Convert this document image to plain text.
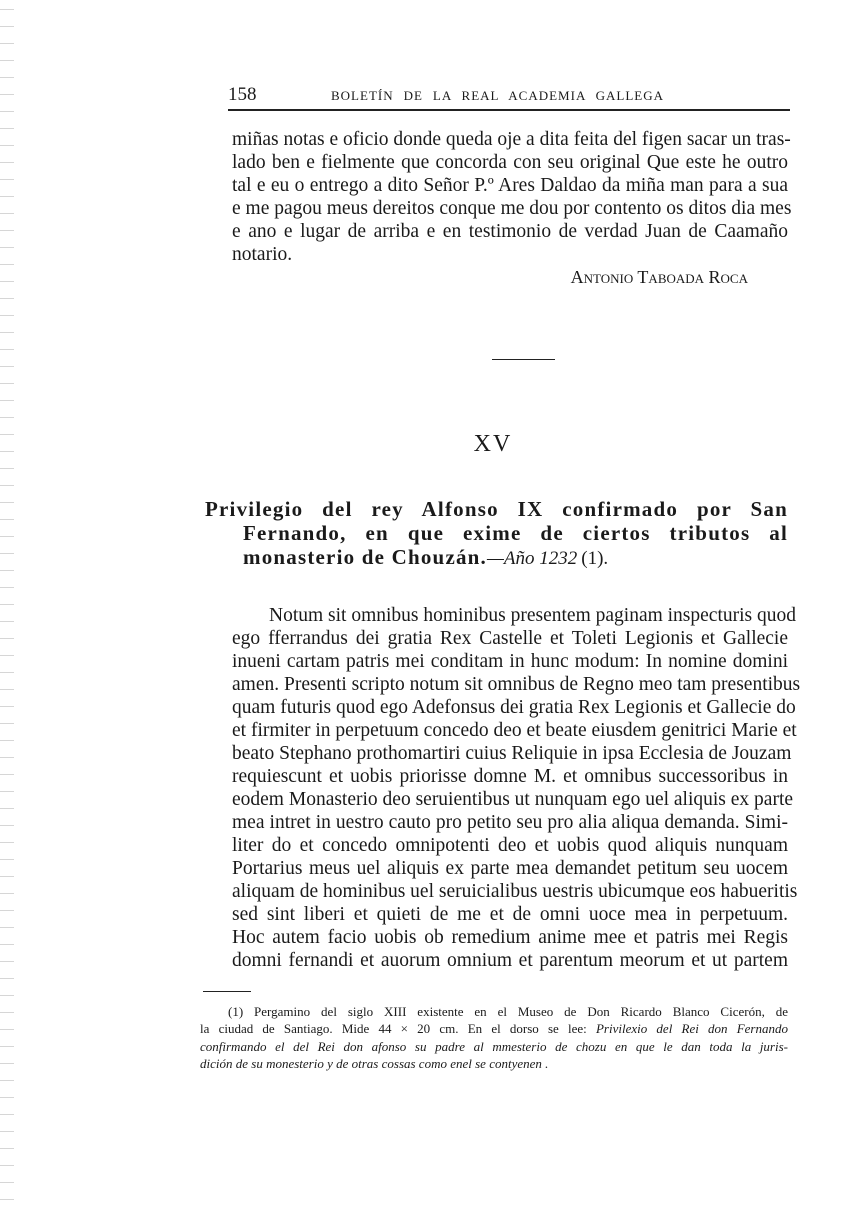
158	BOLETÍN DE LA REAL ACADEMIA GALLEGA
miñas notas e oficio donde queda oje a dita feita del figen sacar un tras-
lado ben e fielmente que concorda con seu original Que este he outro
tal e eu o entrego a dito Señor P.º Ares Daldao da miña man para a sua
e me pagou meus dereitos conque me dou por contento os ditos dia mes
e ano e lugar de arriba e en testimonio de verdad Juan de Caamaño
notario.
Antonio Taboada Roca
XV
Privilegio del rey Alfonso IX confirmado por San
Fernando, en que exime de ciertos tributos al
monasterio de Chouzán.—Año 1232 (1).
Notum sit omnibus hominibus presentem paginam inspecturis quod
ego fferrandus dei gratia Rex Castelle et Toleti Legionis et Gallecie
inueni cartam patris mei conditam in hunc modum: In nomine domini
amen. Presenti scripto notum sit omnibus de Regno meo tam presentibus
quam futuris quod ego Adefonsus dei gratia Rex Legionis et Gallecie do
et firmiter in perpetuum concedo deo et beate eiusdem genitrici Marie et
beato Stephano prothomartiri cuius Reliquie in ipsa Ecclesia de Jouzam
requiescunt et uobis priorisse domne M. et omnibus successoribus in
eodem Monasterio deo seruientibus ut nunquam ego uel aliquis ex parte
mea intret in uestro cauto pro petito seu pro alia aliqua demanda. Simi-
liter do et concedo omnipotenti deo et uobis quod aliquis nunquam
Portarius meus uel aliquis ex parte mea demandet petitum seu uocem
aliquam de hominibus uel seruicialibus uestris ubicumque eos habueritis
sed sint liberi et quieti de me et de omni uoce mea in perpetuum.
Hoc autem facio uobis ob remedium anime mee et patris mei Regis
domni fernandi et auorum omnium et parentum meorum et ut partem
(1) Pergamino del siglo XIII existente en el Museo de Don Ricardo Blanco Cicerón, de
la ciudad de Santiago. Mide 44 × 20 cm. En el dorso se lee: Privilexio del Rei don Fernando
confirmando el del Rei don afonso su padre al mmesterio de chozu en que le dan toda la juris-
dición de su monesterio y de otras cossas como enel se contyenen .
